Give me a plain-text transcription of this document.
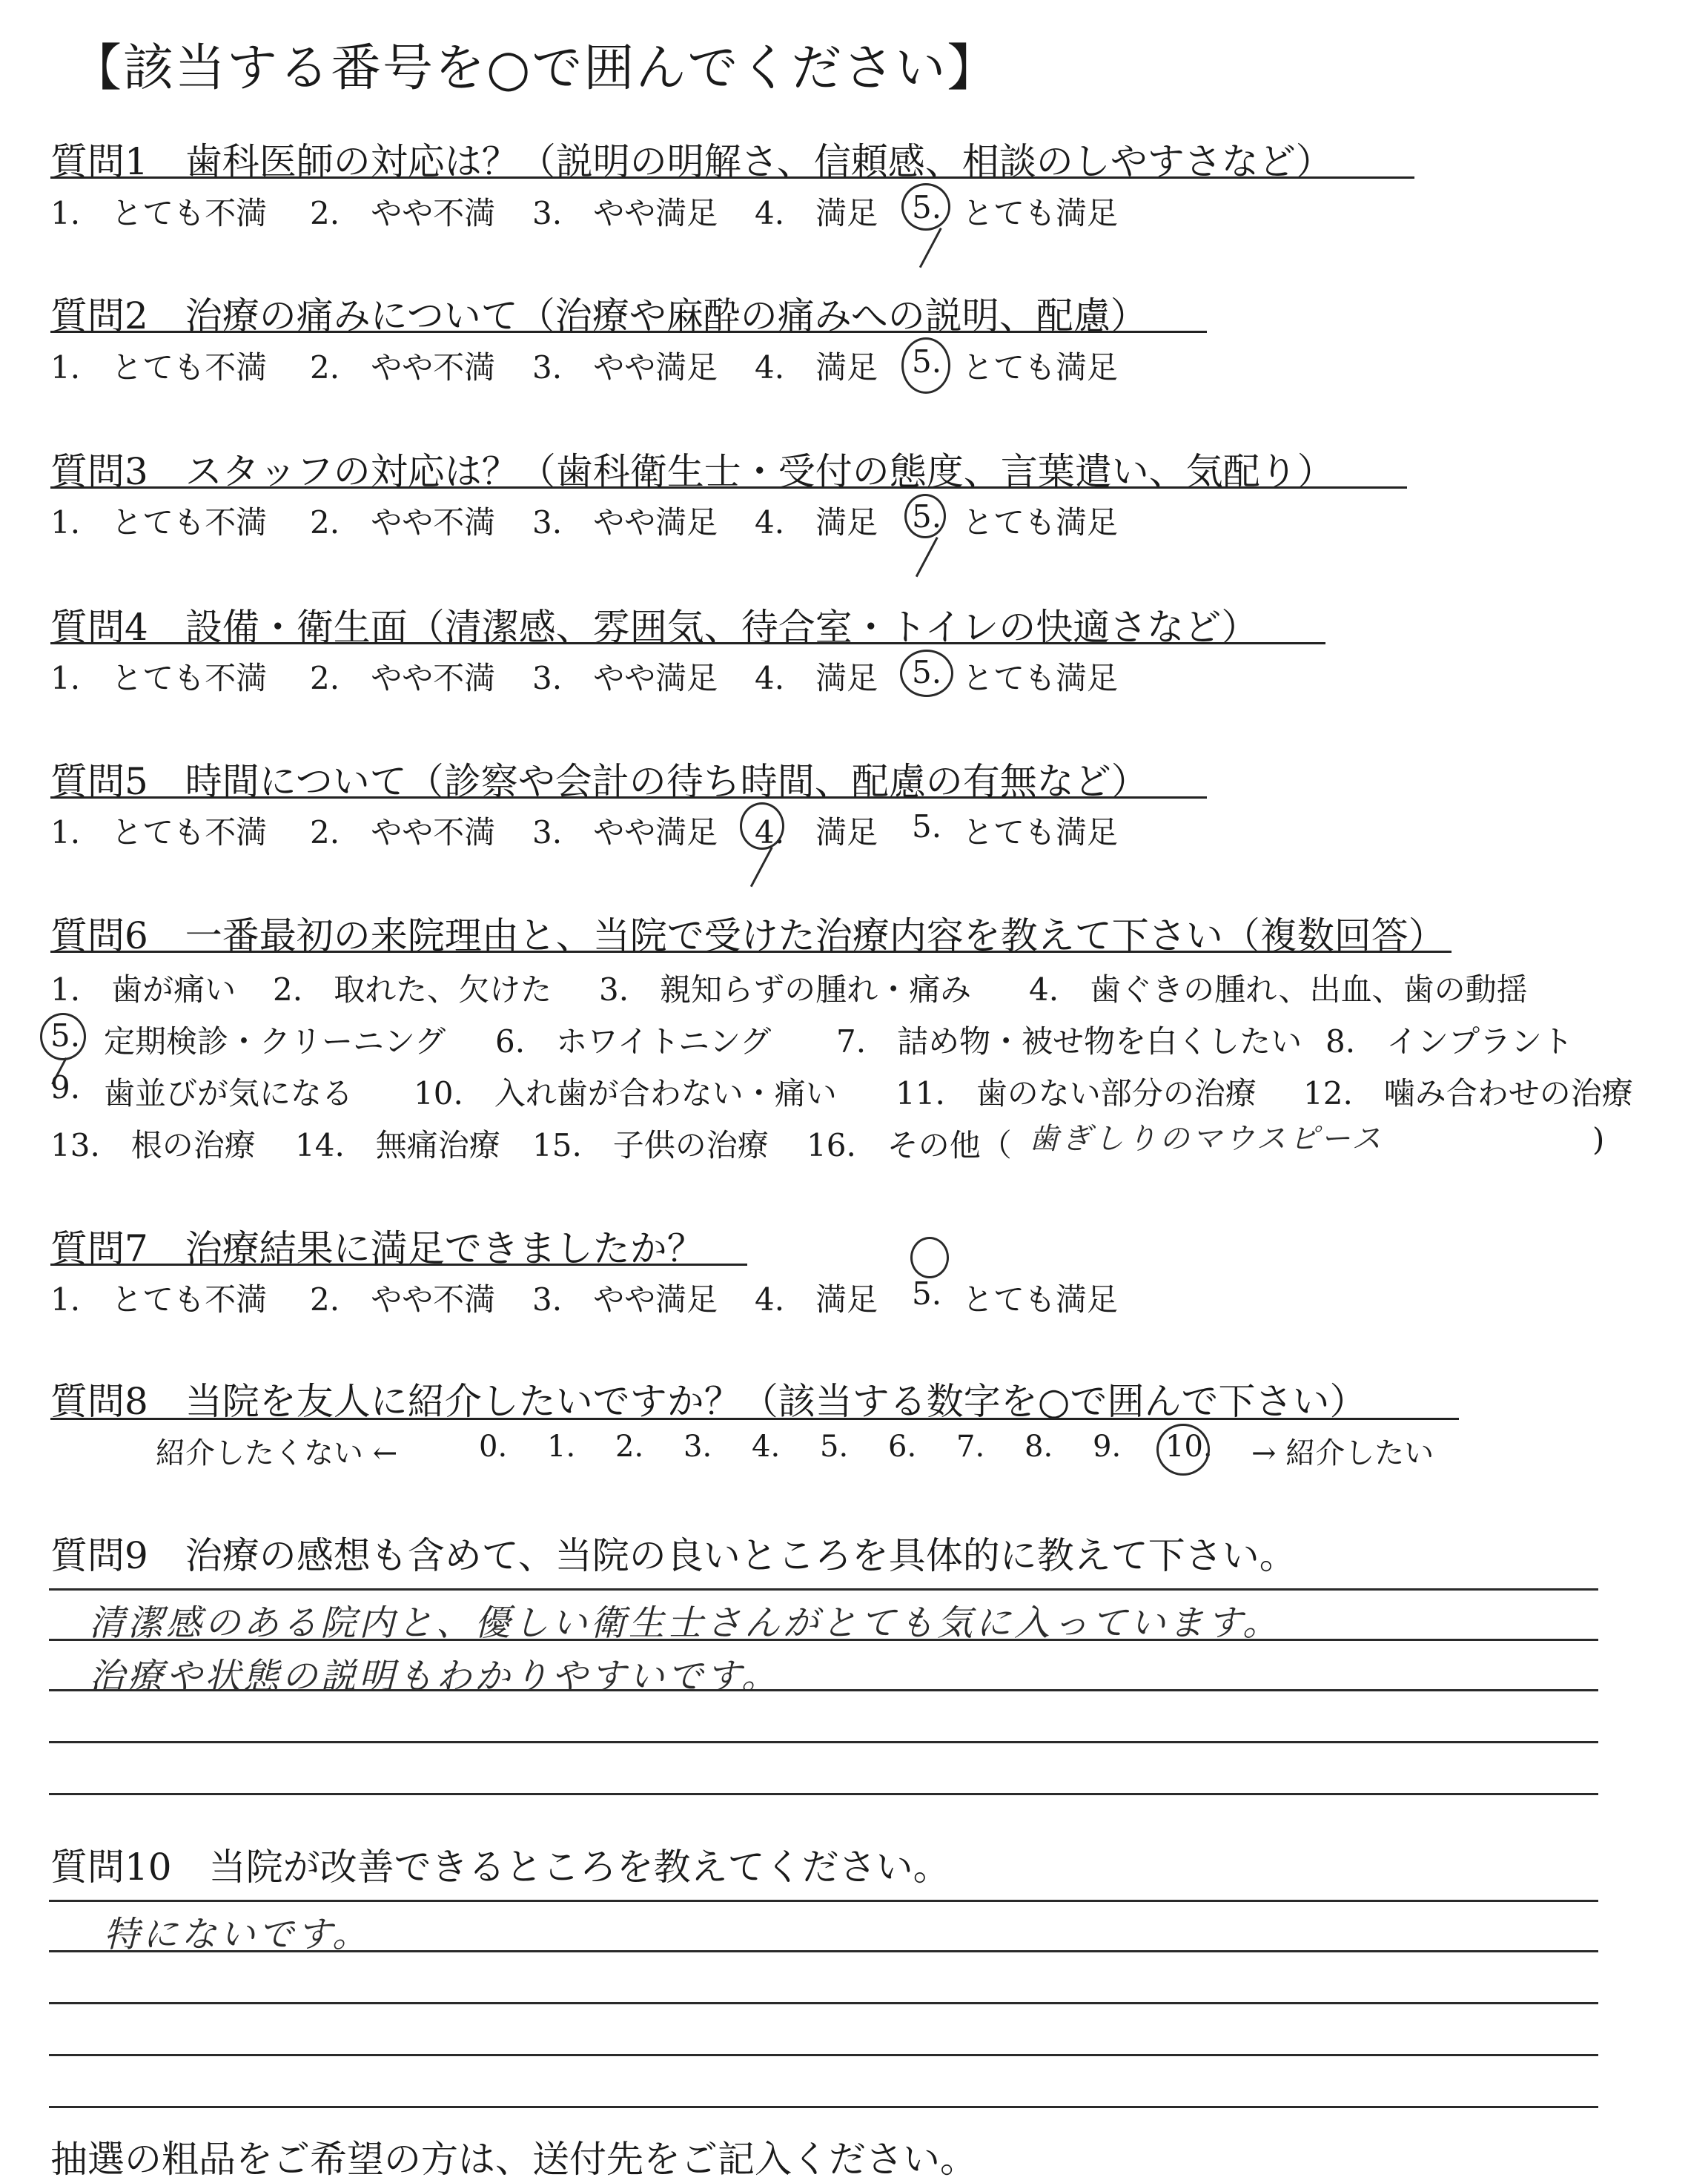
【該当する番号を○で囲んでください】
質問1　歯科医師の対応は？（説明の明解さ、信頼感、相談のしやすさなど）
1.　とても不満 2.　やや不満 3.　やや満足 4.　満足 5. とても満足
質問2　治療の痛みについて（治療や麻酔の痛みへの説明、配慮）
1.　とても不満 2.　やや不満 3.　やや満足 4.　満足 5. とても満足
質問3　スタッフの対応は？（歯科衛生士・受付の態度、言葉遣い、気配り）
1.　とても不満 2.　やや不満 3.　やや満足 4.　満足 5. とても満足
質問4　設備・衛生面（清潔感、雰囲気、待合室・トイレの快適さなど）
1.　とても不満 2.　やや不満 3.　やや満足 4.　満足 5. とても満足
質問5　時間について（診察や会計の待ち時間、配慮の有無など）
1.　とても不満 2.　やや不満 3.　やや満足 4.　満足 5. とても満足
質問6　一番最初の来院理由と、当院で受けた治療内容を教えて下さい（複数回答）
1.　歯が痛い 2.　取れた、欠けた 3.　親知らずの腫れ・痛み 4.　歯ぐきの腫れ、出血、歯の動揺
5. 定期検診・クリーニング 6.　ホワイトニング 7.　詰め物・被せ物を白くしたい 8.　インプラント
9. 歯並びが気になる 10.　入れ歯が合わない・痛い 11.　歯のない部分の治療 12.　噛み合わせの治療
13.　根の治療 14.　無痛治療 15.　子供の治療 16.　その他（ 歯ぎしりのマウスピース	)
質問7　治療結果に満足できましたか？
1.　とても不満 2.　やや不満 3.　やや満足 4.　満足 5. とても満足
質問8　当院を友人に紹介したいですか？（該当する数字を○で囲んで下さい）
紹介したくない ←	0. 1. 2. 3. 4. 5. 6. 7. 8. 9. 10. → 紹介したい
質問9　治療の感想も含めて、当院の良いところを具体的に教えて下さい。
清潔感のある院内と、優しい衛生士さんがとても気に入っています。
治療や状態の説明もわかりやすいです。
質問10　当院が改善できるところを教えてください。
特にないです。
抽選の粗品をご希望の方は、送付先をご記入ください。
